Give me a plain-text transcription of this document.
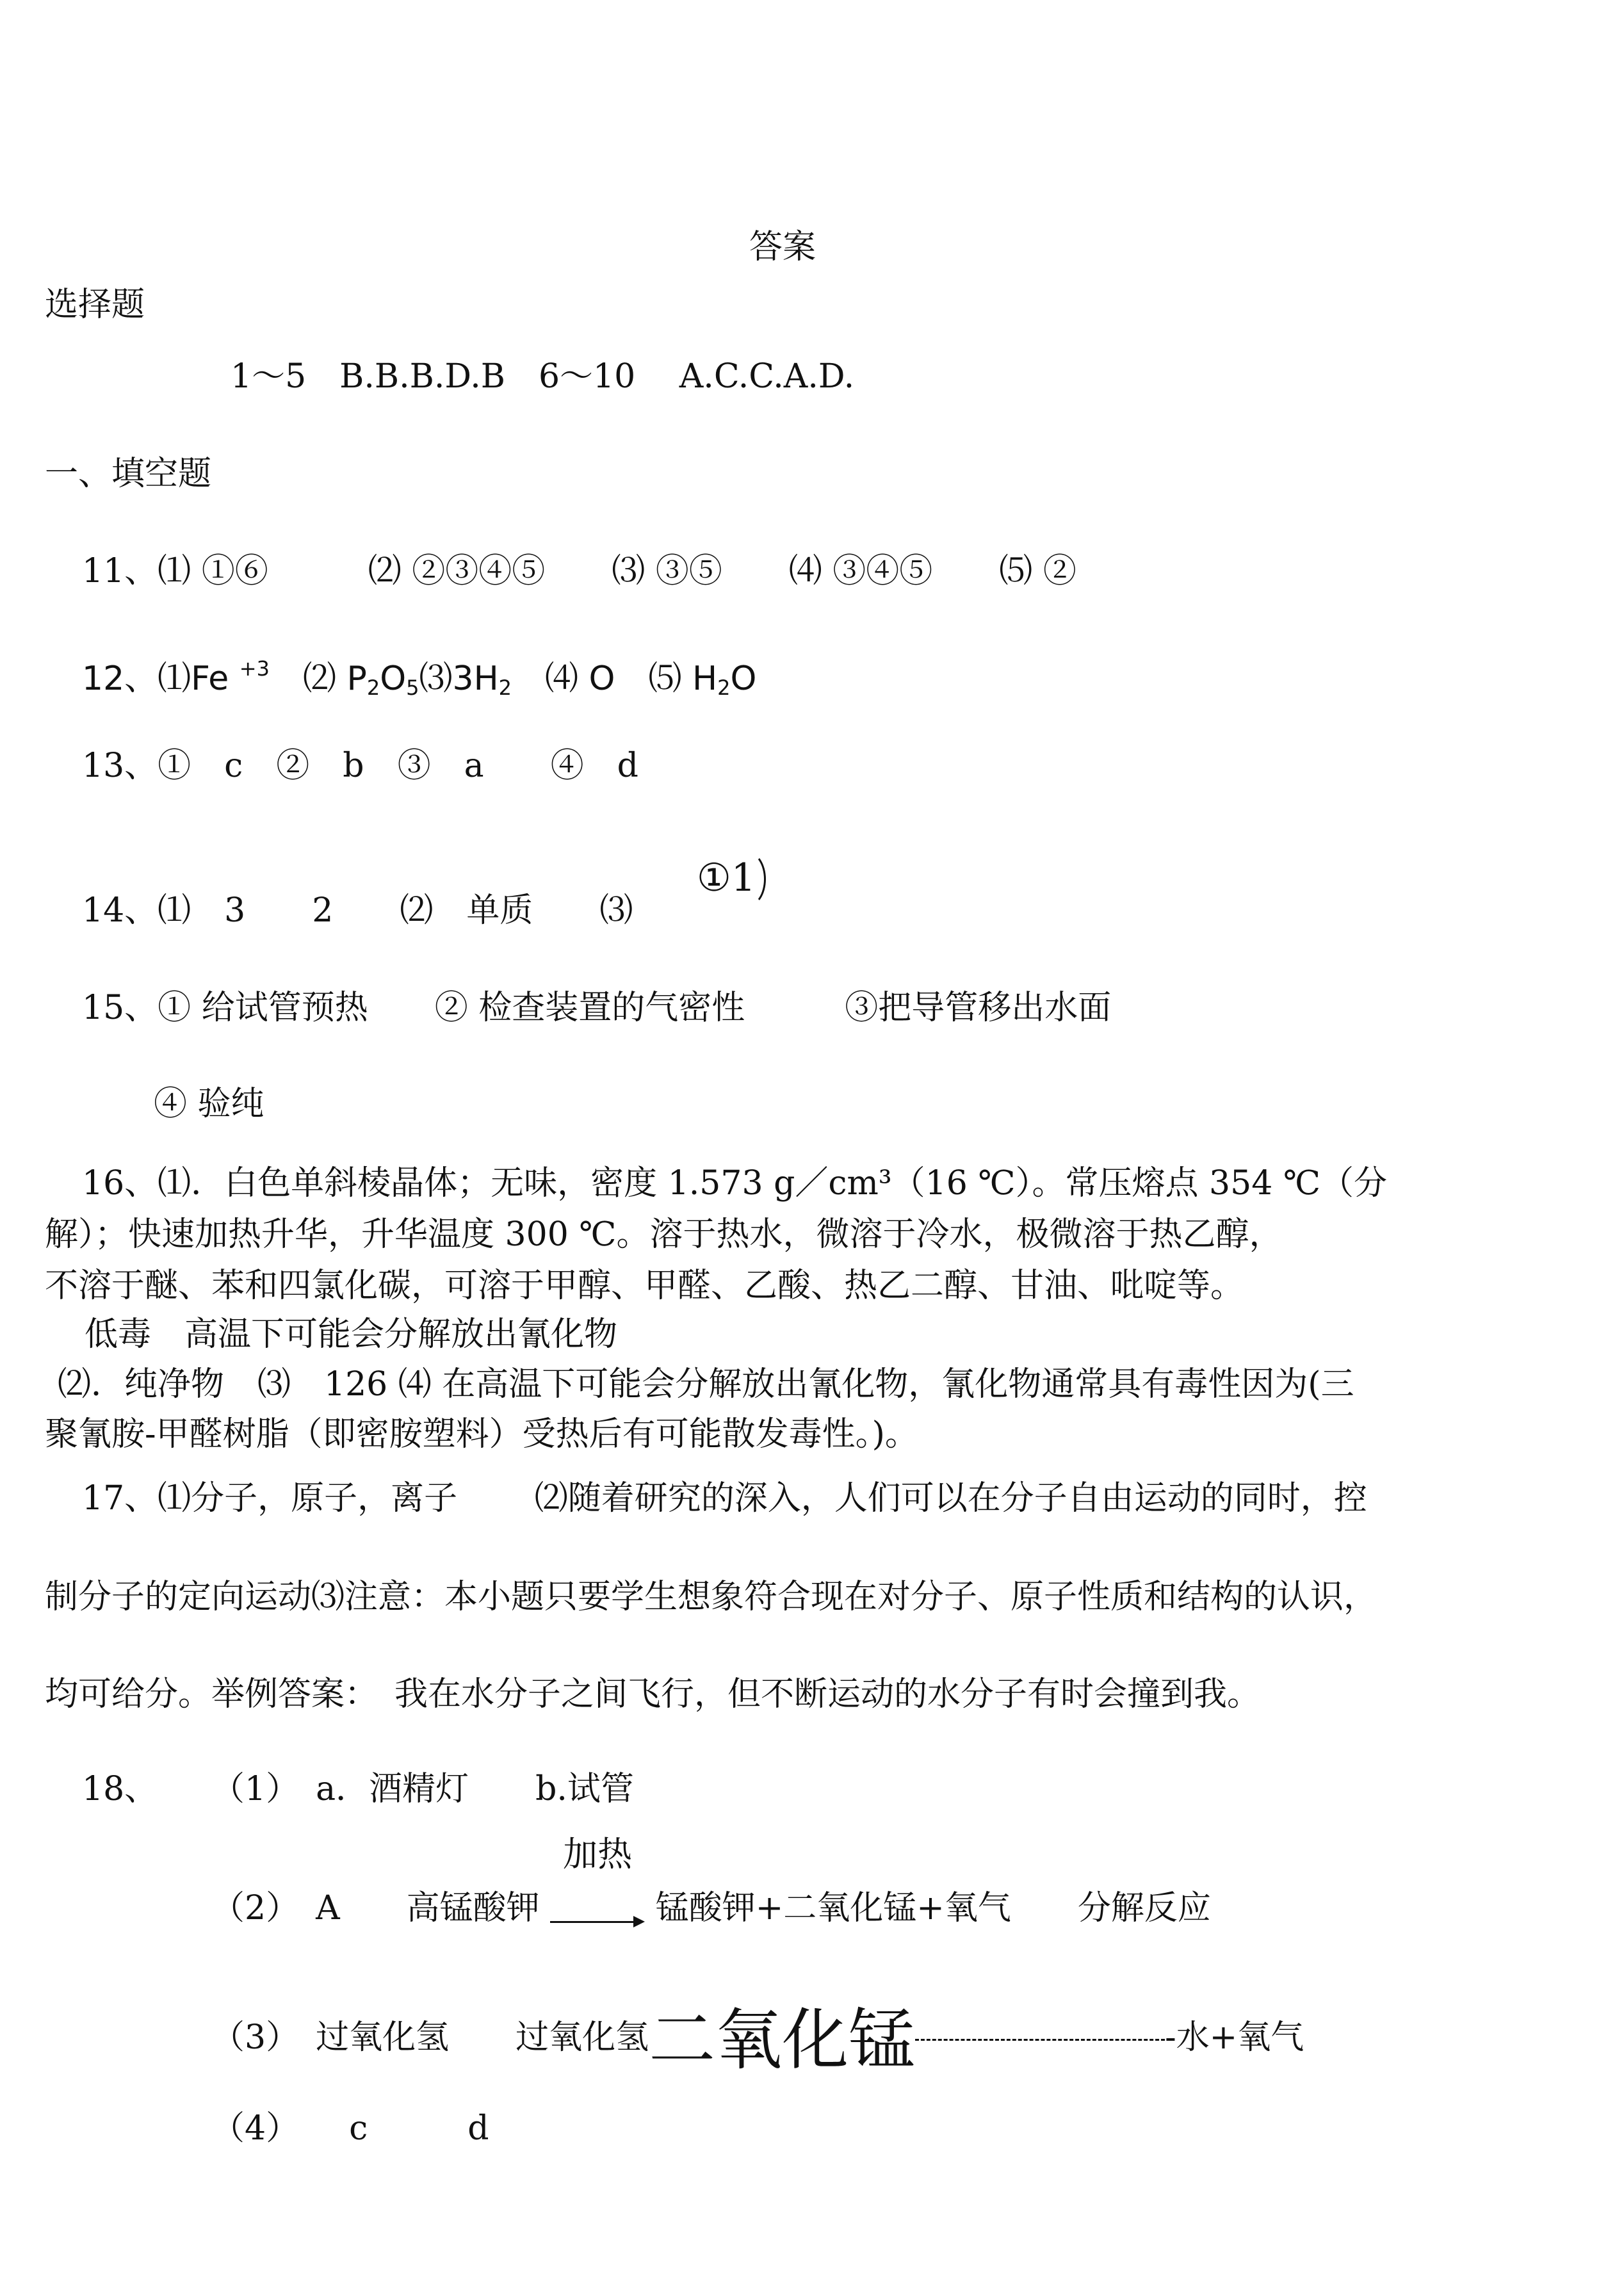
答案
选择题
1～5　B.B.B.D.B　6～10　 A.C.C.A.D.
一、填空题
11、⑴ ①⑥　　　⑵ ②③④⑤　　⑶ ③⑤　　⑷ ③④⑤　　⑸ ②
12、⑴Fe $^{+3}$　⑵ $P_2O_5⑶3H_2$　⑷ O　⑸ $H_2O$
13、①　c　②　b　③　a　　④　d
14、⑴　3　　2　　⑵　单质　　⑶
①1
15、① 给试管预热　　② 检查装置的气密性　　　③把导管移出水面
④ 验纯
16、⑴．白色单斜棱晶体；无味，密度 1.573 g／cm³（16 ℃）。常压熔点 354 ℃（分
解）；快速加热升华，升华温度 300 ℃。溶于热水，微溶于冷水，极微溶于热乙醇，
不溶于醚、苯和四氯化碳，可溶于甲醇、甲醛、乙酸、热乙二醇、甘油、吡啶等。
低毒　高温下可能会分解放出氰化物
⑵．纯净物　⑶　126 ⑷ 在高温下可能会分解放出氰化物，氰化物通常具有毒性因为(三
聚氰胺-甲醛树脂（即密胺塑料）受热后有可能散发毒性。)。
17、⑴分子，原子，离子　　 ⑵随着研究的深入，人们可以在分子自由运动的同时，控
制分子的定向运动⑶注意：本小题只要学生想象符合现在对分子、原子性质和结构的认识，
均可给分。举例答案：　我在水分子之间飞行，但不断运动的水分子有时会撞到我。
18、 （1）　a．酒精灯　　b.试管
（2）　A　　高锰酸钾
加热
锰酸钾+二氧化锰+氧气　　分解反应
（3）　过氧化氢　　过氧化氢二氧化锰	-水+氧气
（4）　　c　　　d
